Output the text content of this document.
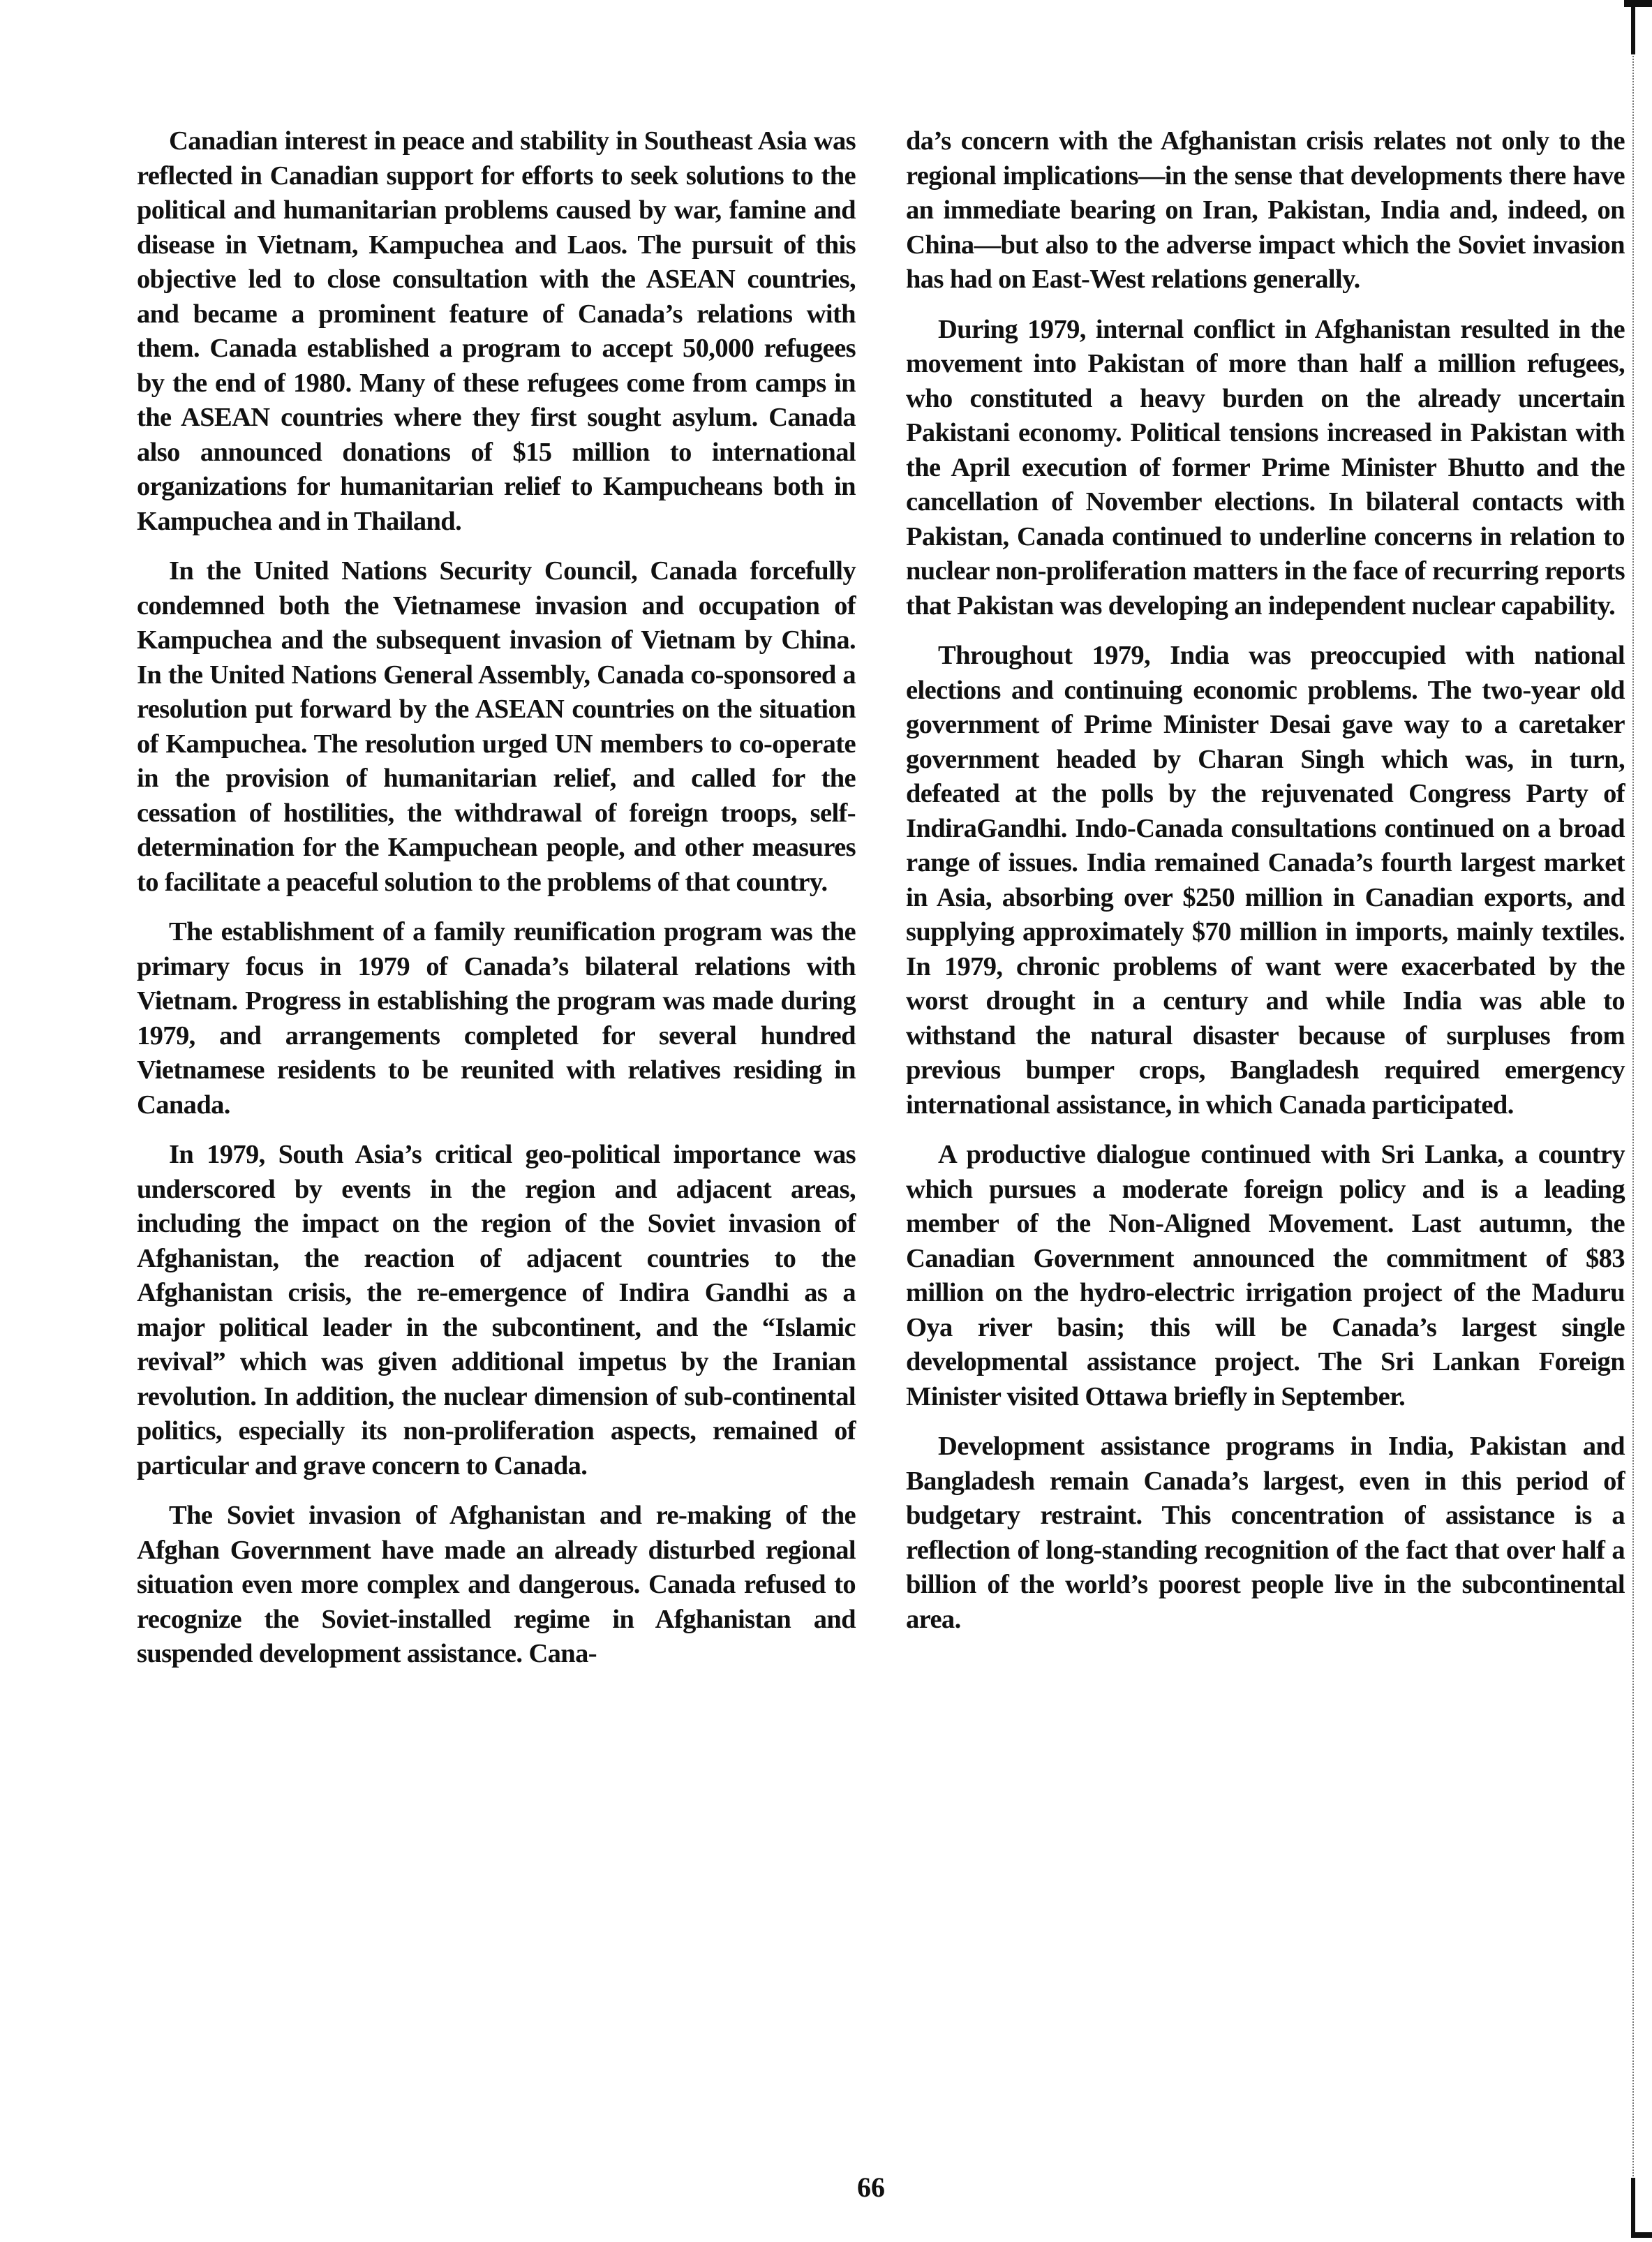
Canadian interest in peace and stability in Southeast Asia was reflected in Canadian support for efforts to seek solutions to the political and humanitarian problems caused by war, famine and disease in Vietnam, Kampuchea and Laos. The pursuit of this objective led to close consultation with the ASEAN countries, and became a prominent feature of Canada’s relations with them. Canada established a program to accept 50,000 refugees by the end of 1980. Many of these refugees come from camps in the ASEAN countries where they first sought asylum. Canada also announced donations of $15 million to international organizations for humanitarian relief to Kampucheans both in Kampuchea and in Thailand.

In the United Nations Security Council, Canada forcefully condemned both the Vietnamese invasion and occupation of Kampuchea and the subsequent invasion of Vietnam by China. In the United Nations General Assembly, Canada co-sponsored a resolution put forward by the ASEAN countries on the situation of Kampuchea. The resolution urged UN members to co-operate in the provision of humanitarian relief, and called for the cessation of hostilities, the withdrawal of foreign troops, self-determination for the Kampuchean people, and other measures to facilitate a peaceful solution to the problems of that country.

The establishment of a family reunification program was the primary focus in 1979 of Canada’s bilateral relations with Vietnam. Progress in establishing the program was made during 1979, and arrangements completed for several hundred Vietnamese residents to be reunited with relatives residing in Canada.

In 1979, South Asia’s critical geo-political importance was underscored by events in the region and adjacent areas, including the impact on the region of the Soviet invasion of Afghanistan, the reaction of adjacent countries to the Afghanistan crisis, the re-emergence of Indira Gandhi as a major political leader in the subcontinent, and the “Islamic revival” which was given additional impetus by the Iranian revolution. In addition, the nuclear dimension of sub-continental politics, especially its non-proliferation aspects, remained of particular and grave concern to Canada.

The Soviet invasion of Afghanistan and re-making of the Afghan Government have made an already disturbed regional situation even more complex and dangerous. Canada refused to recognize the Soviet-installed regime in Afghanistan and suspended development assistance. Cana-

da’s concern with the Afghanistan crisis relates not only to the regional implications—in the sense that developments there have an immediate bearing on Iran, Pakistan, India and, indeed, on China—but also to the adverse impact which the Soviet invasion has had on East-West relations generally.

During 1979, internal conflict in Afghanistan resulted in the movement into Pakistan of more than half a million refugees, who constituted a heavy burden on the already uncertain Pakistani economy. Political tensions increased in Pakistan with the April execution of former Prime Minister Bhutto and the cancellation of November elections. In bilateral contacts with Pakistan, Canada continued to underline concerns in relation to nuclear non-proliferation matters in the face of recurring reports that Pakistan was developing an independent nuclear capability.

Throughout 1979, India was preoccupied with national elections and continuing economic problems. The two-year old government of Prime Minister Desai gave way to a caretaker government headed by Charan Singh which was, in turn, defeated at the polls by the rejuvenated Congress Party of IndiraGandhi. Indo-Canada consultations continued on a broad range of issues. India remained Canada’s fourth largest market in Asia, absorbing over $250 million in Canadian exports, and supplying approximately $70 million in imports, mainly textiles. In 1979, chronic problems of want were exacerbated by the worst drought in a century and while India was able to withstand the natural disaster because of surpluses from previous bumper crops, Bangladesh required emergency international assistance, in which Canada participated.

A productive dialogue continued with Sri Lanka, a country which pursues a moderate foreign policy and is a leading member of the Non-Aligned Movement. Last autumn, the Canadian Government announced the commitment of $83 million on the hydro-electric irrigation project of the Maduru Oya river basin; this will be Canada’s largest single developmental assistance project. The Sri Lankan Foreign Minister visited Ottawa briefly in September.

Development assistance programs in India, Pakistan and Bangladesh remain Canada’s largest, even in this period of budgetary restraint. This concentration of assistance is a reflection of long-standing recognition of the fact that over half a billion of the world’s poorest people live in the subcontinental area.

66
